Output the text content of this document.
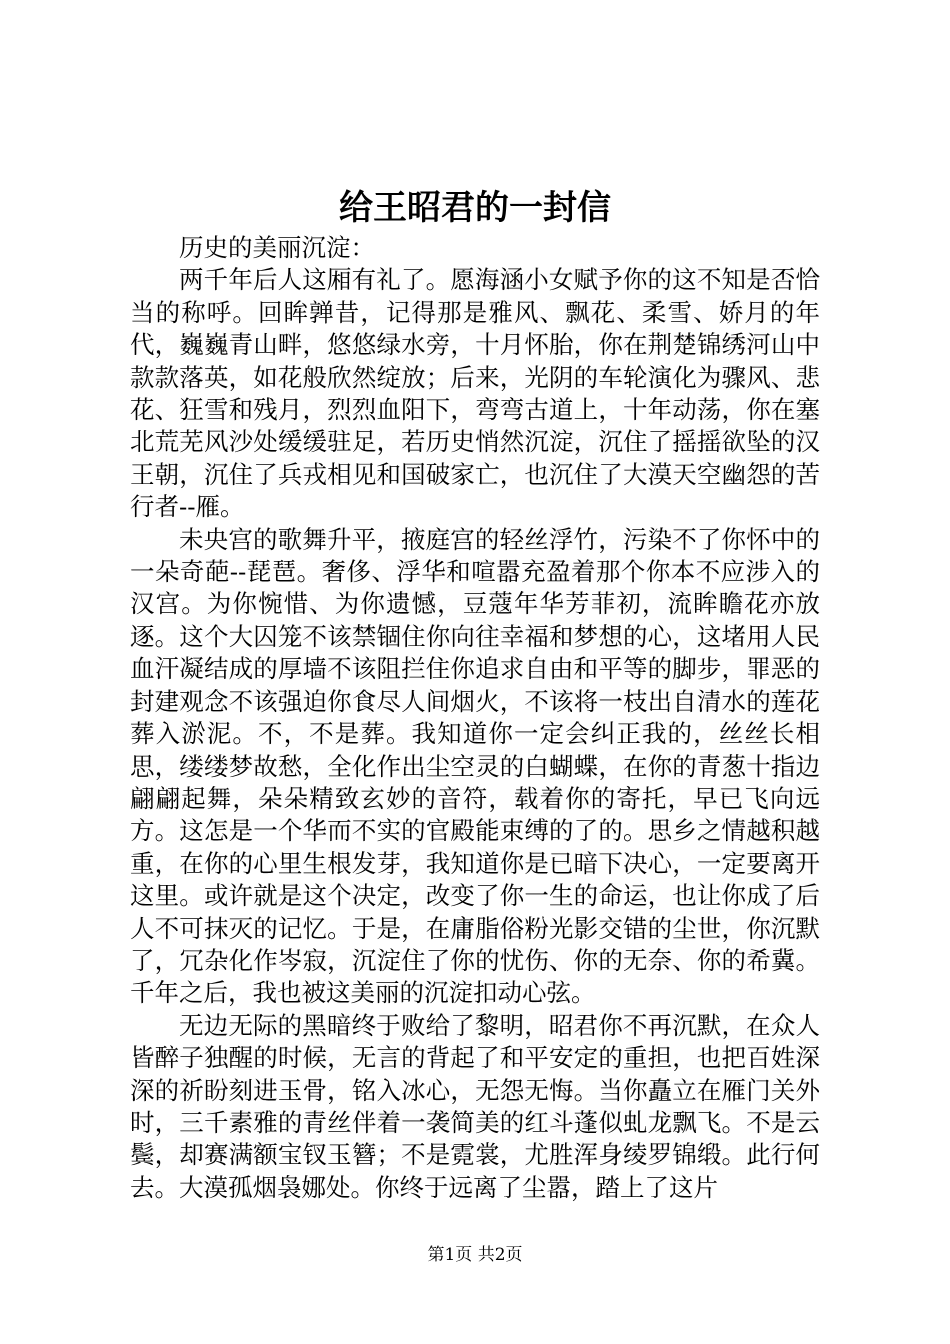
给王昭君的一封信

历史的美丽沉淀：

两千年后人这厢有礼了。愿海涵小女赋予你的这不知是否恰当的称呼。回眸亸昔，记得那是雅风、飘花、柔雪、娇月的年代，巍巍青山畔，悠悠绿水旁，十月怀胎，你在荆楚锦绣河山中款款落英，如花般欣然绽放；后来，光阴的车轮演化为骤风、悲花、狂雪和残月，烈烈血阳下，弯弯古道上，十年动荡，你在塞北荒芜风沙处缓缓驻足，若历史悄然沉淀，沉住了摇摇欲坠的汉王朝，沉住了兵戎相见和国破家亡，也沉住了大漠天空幽怨的苦行者--雁。

未央宫的歌舞升平，掖庭宫的轻丝浮竹，污染不了你怀中的一朵奇葩--琵琶。奢侈、浮华和喧嚣充盈着那个你本不应涉入的汉宫。为你惋惜、为你遗憾，豆蔻年华芳菲初，流眸瞻花亦放逐。这个大囚笼不该禁锢住你向往幸福和梦想的心，这堵用人民血汗凝结成的厚墙不该阻拦住你追求自由和平等的脚步，罪恶的封建观念不该强迫你食尽人间烟火，不该将一枝出自清水的莲花葬入淤泥。不，不是葬。我知道你一定会纠正我的，丝丝长相思，缕缕梦故愁，全化作出尘空灵的白蝴蝶，在你的青葱十指边翩翩起舞，朵朵精致玄妙的音符，载着你的寄托，早已飞向远方。这怎是一个华而不实的官殿能束缚的了的。思乡之情越积越重，在你的心里生根发芽，我知道你是已暗下决心，一定要离开这里。或许就是这个决定，改变了你一生的命运，也让你成了后人不可抹灭的记忆。于是，在庸脂俗粉光影交错的尘世，你沉默了，冗杂化作岑寂，沉淀住了你的忧伤、你的无奈、你的希冀。千年之后，我也被这美丽的沉淀扣动心弦。

无边无际的黑暗终于败给了黎明，昭君你不再沉默，在众人皆醉子独醒的时候，无言的背起了和平安定的重担，也把百姓深深的祈盼刻进玉骨，铭入冰心，无怨无悔。当你矗立在雁门关外时，三千素雅的青丝伴着一袭简美的红斗蓬似虬龙飘飞。不是云鬓，却赛满额宝钗玉簪；不是霓裳，尤胜浑身绫罗锦缎。此行何去。大漠孤烟袅娜处。你终于远离了尘嚣，踏上了这片

第1页 共2页
